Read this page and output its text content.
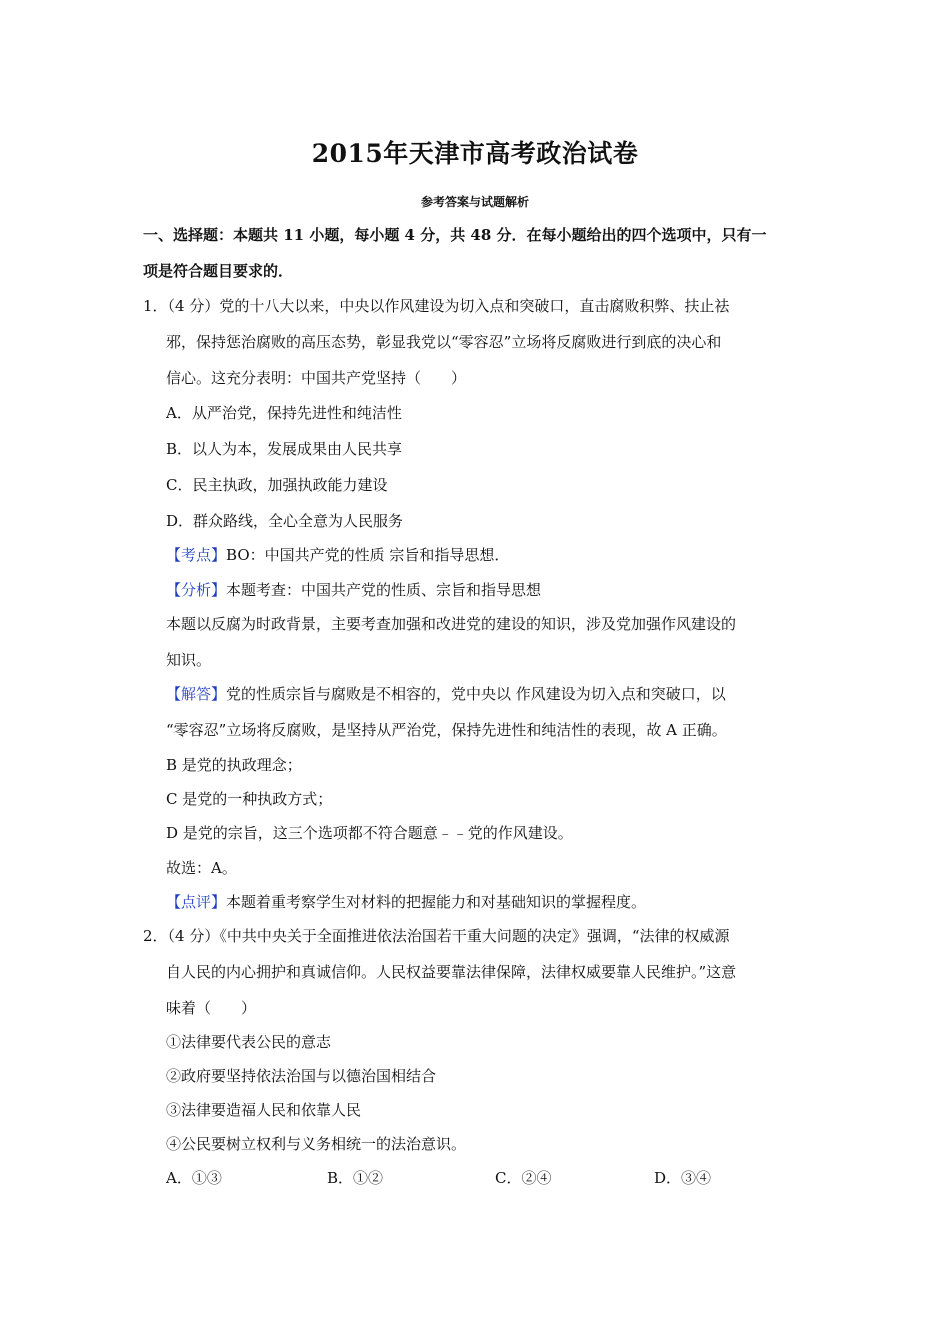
2015年天津市高考政治试卷
参考答案与试题解析
一、选择题：本题共 11 小题，每小题 4 分，共 48 分．在每小题给出的四个选项中，只有一
项是符合题目要求的．
1．（4 分）党的十八大以来，中央以作风建设为切入点和突破口，直击腐败积弊、扶止祛
邪，保持惩治腐败的高压态势，彰显我党以“零容忍”立场将反腐败进行到底的决心和
信心。这充分表明：中国共产党坚持（　　）
A．从严治党，保持先进性和纯洁性
B．以人为本，发展成果由人民共享
C．民主执政，加强执政能力建设
D．群众路线，全心全意为人民服务
【考点】BO：中国共产党的性质 宗旨和指导思想．
【分析】本题考查：中国共产党的性质、宗旨和指导思想
本题以反腐为时政背景，主要考查加强和改进党的建设的知识，涉及党加强作风建设的
知识。
【解答】党的性质宗旨与腐败是不相容的，党中央以 作风建设为切入点和突破口，以
“零容忍”立场将反腐败，是坚持从严治党，保持先进性和纯洁性的表现，故 A 正确。
B 是党的执政理念；
C 是党的一种执政方式；
D 是党的宗旨，这三个选项都不符合题意﹣﹣党的作风建设。
故选：A。
【点评】本题着重考察学生对材料的把握能力和对基础知识的掌握程度。
2．（4 分）《中共中央关于全面推进依法治国若干重大问题的决定》强调，“法律的权威源
自人民的内心拥护和真诚信仰。人民权益要靠法律保障，法律权威要靠人民维护。”这意
味着（　　）
①法律要代表公民的意志
②政府要坚持依法治国与以德治国相结合
③法律要造福人民和依靠人民
④公民要树立权利与义务相统一的法治意识。
A．①③	B．①②	C．②④	D．③④
